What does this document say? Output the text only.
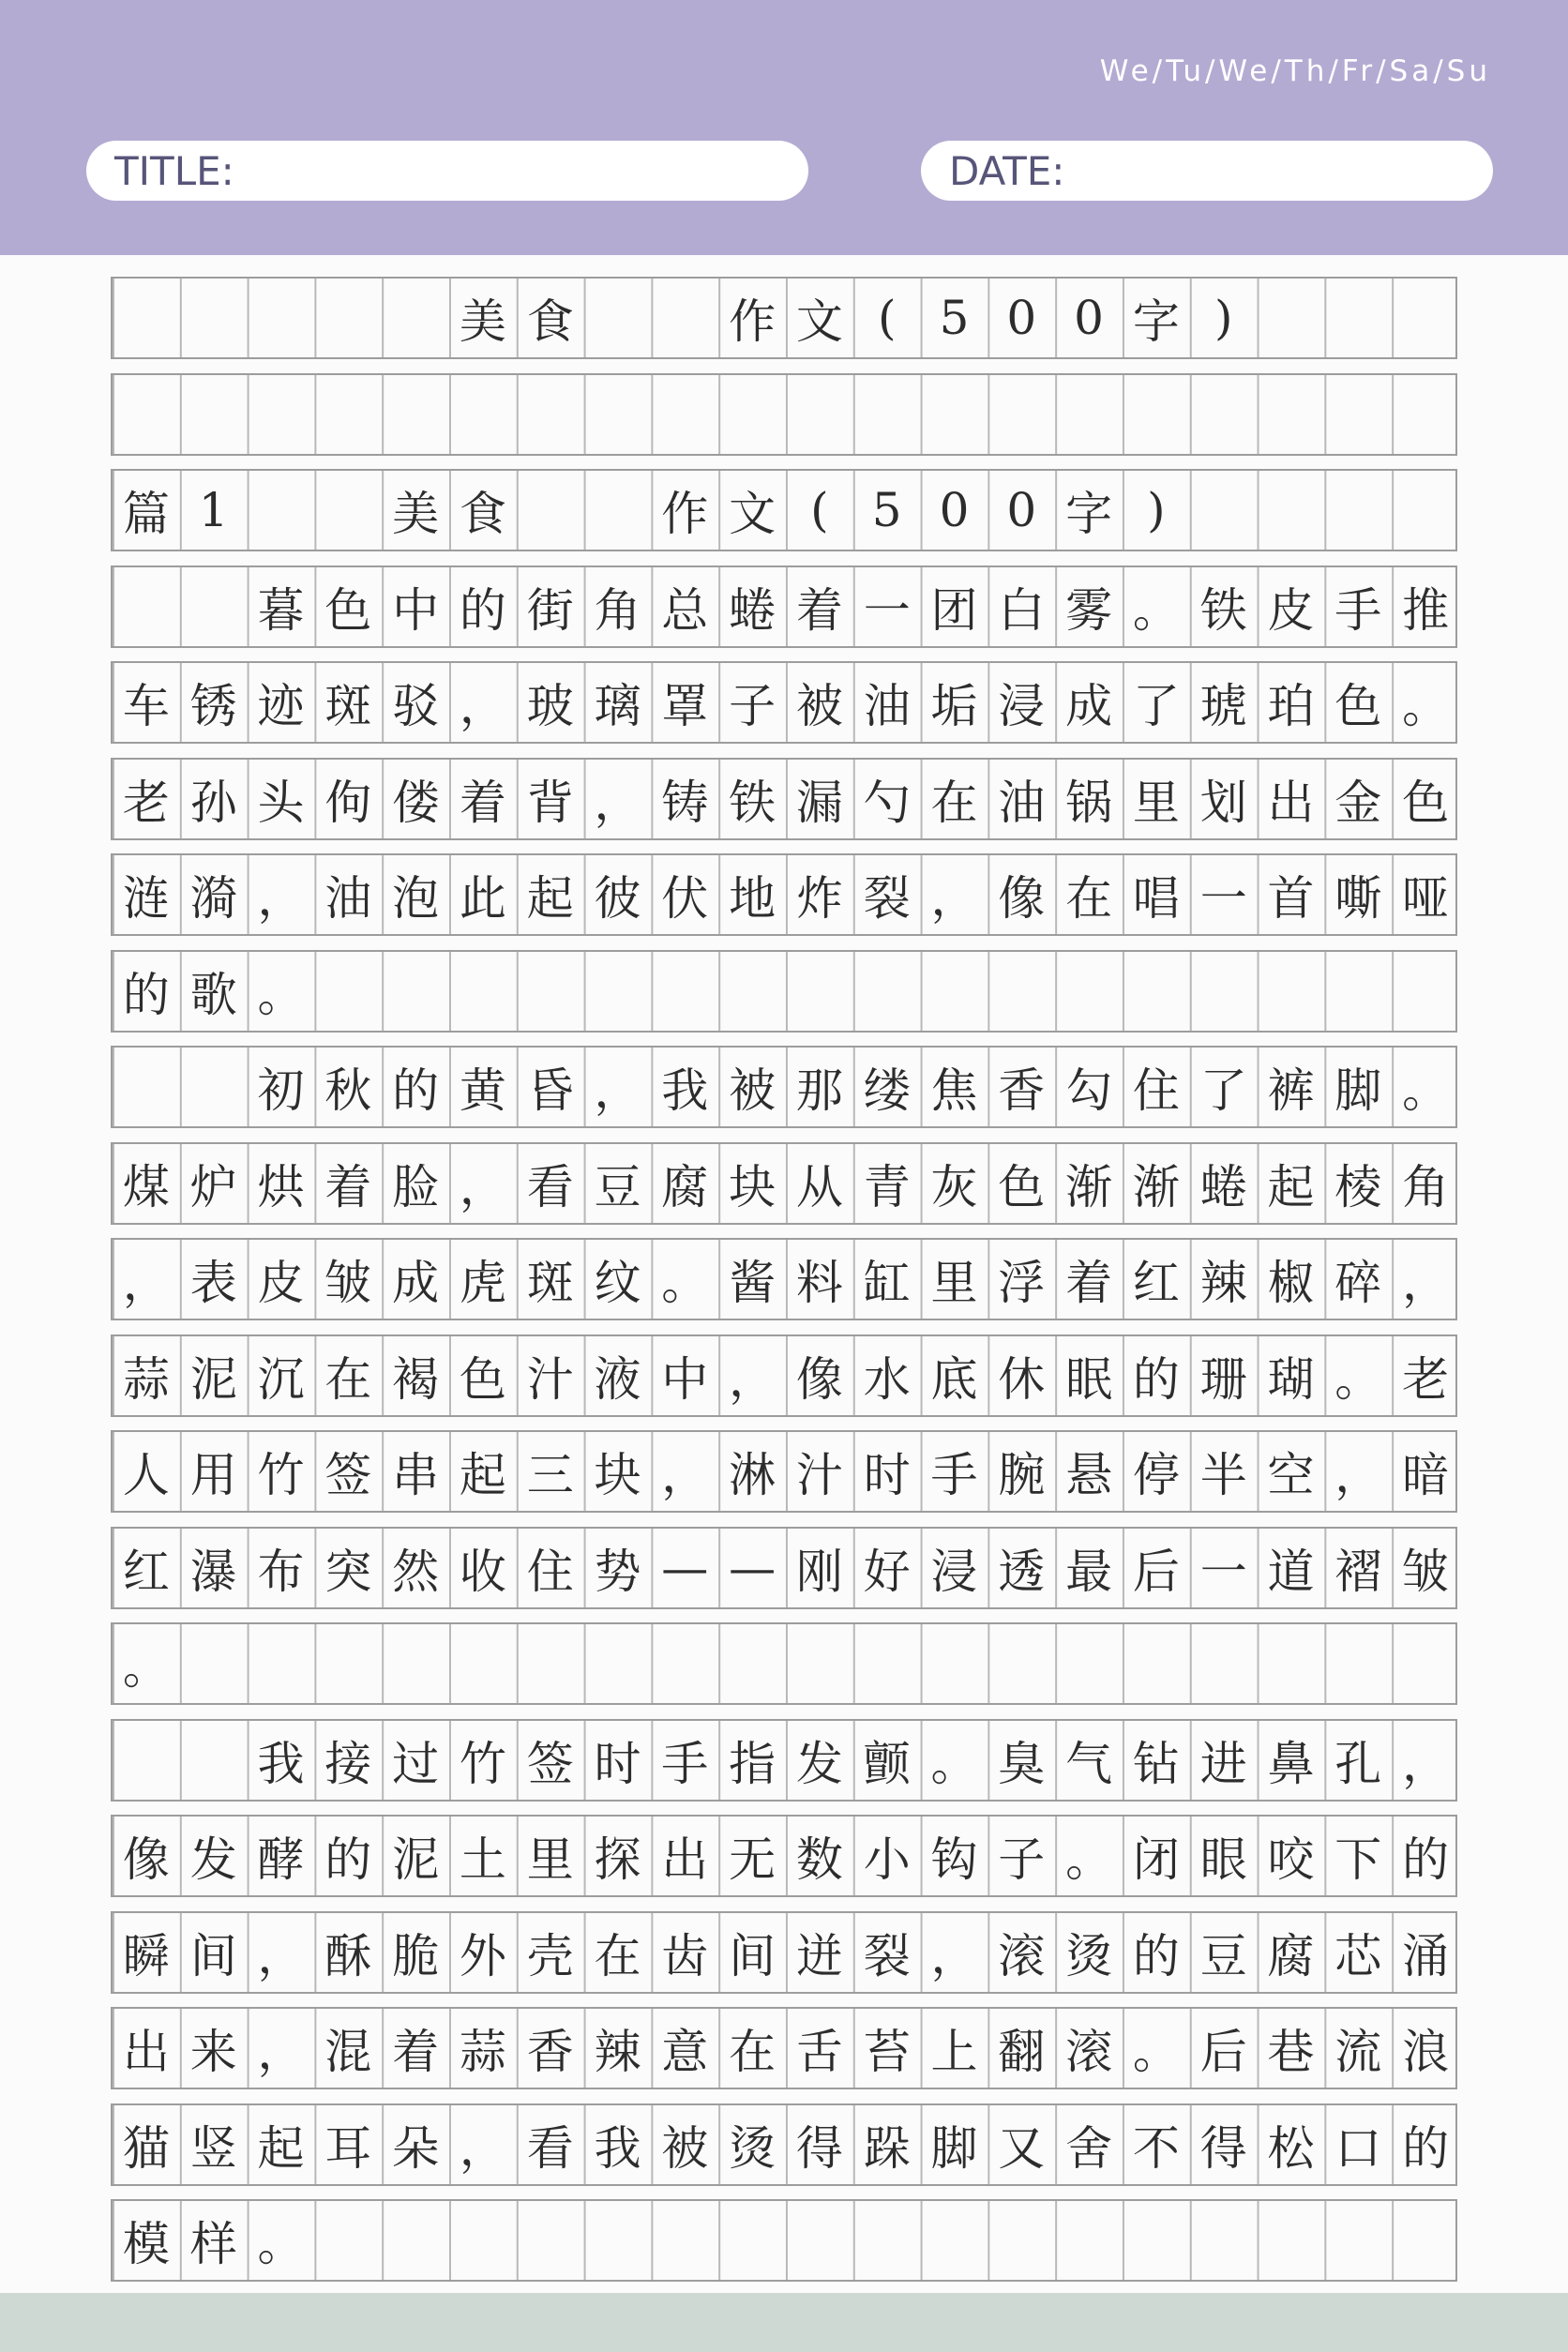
We/Tu/We/Th/Fr/Sa/Su
TITLE:	DATE:
美 食	作 文 ( 5 0 0 字 )
篇 1	美 食	作 文 ( 5 0 0 字 )
暮 色 中 的 街 角 总 蜷 着 一 团 白 雾 。 铁 皮 手 推
车 锈 迹 斑 驳 ， 玻 璃 罩 子 被 油 垢 浸 成 了 琥 珀 色 。
老 孙 头 佝 偻 着 背 ， 铸 铁 漏 勺 在 油 锅 里 划 出 金 色
涟 漪 ， 油 泡 此 起 彼 伏 地 炸 裂 ， 像 在 唱 一 首 嘶 哑
的 歌 。
初 秋 的 黄 昏 ， 我 被 那 缕 焦 香 勾 住 了 裤 脚 。
煤 炉 烘 着 脸 ， 看 豆 腐 块 从 青 灰 色 渐 渐 蜷 起 棱 角
， 表 皮 皱 成 虎 斑 纹 。 酱 料 缸 里 浮 着 红 辣 椒 碎 ，
蒜 泥 沉 在 褐 色 汁 液 中 ， 像 水 底 休 眠 的 珊 瑚 。 老
人 用 竹 签 串 起 三 块 ， 淋 汁 时 手 腕 悬 停 半 空 ， 暗
红 瀑 布 突 然 收 住 势 — — 刚 好 浸 透 最 后 一 道 褶 皱
。
我 接 过 竹 签 时 手 指 发 颤 。 臭 气 钻 进 鼻 孔 ，
像 发 酵 的 泥 土 里 探 出 无 数 小 钩 子 。 闭 眼 咬 下 的
瞬 间 ， 酥 脆 外 壳 在 齿 间 迸 裂 ， 滚 烫 的 豆 腐 芯 涌
出 来 ， 混 着 蒜 香 辣 意 在 舌 苔 上 翻 滚 。 后 巷 流 浪
猫 竖 起 耳 朵 ， 看 我 被 烫 得 跺 脚 又 舍 不 得 松 口 的
模 样 。
